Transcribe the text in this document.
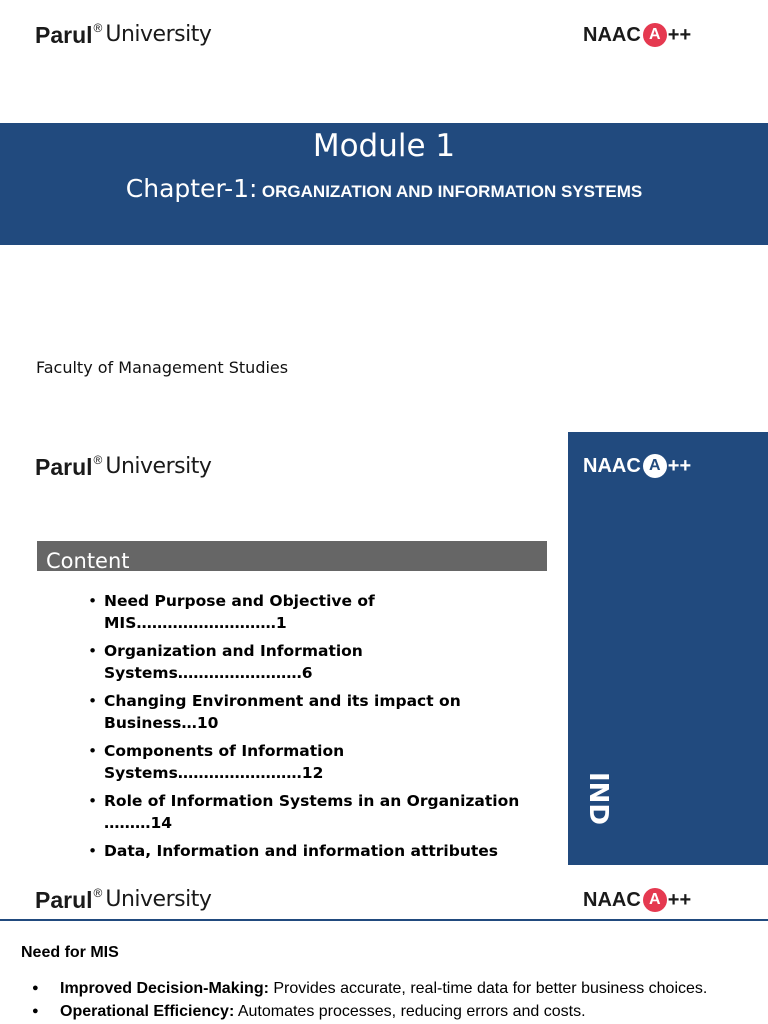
Parul ® University	NAAC A ++
Module 1
Chapter-1: ORGANIZATION AND INFORMATION SYSTEMS
Faculty of Management Studies
Parul ® University	NAAC A ++
IND
Content
• Need Purpose and Objective of MIS………………………1
• Organization and Information Systems……………………6
• Changing Environment and its impact on Business…10
• Components of Information Systems……………………12
• Role of Information Systems in an Organization ………14
• Data, Information and information attributes
Parul ® University	NAAC A ++
Need for MIS
● Improved Decision-Making: Provides accurate, real-time data for better business choices.
● Operational Efficiency: Automates processes, reducing errors and costs.
